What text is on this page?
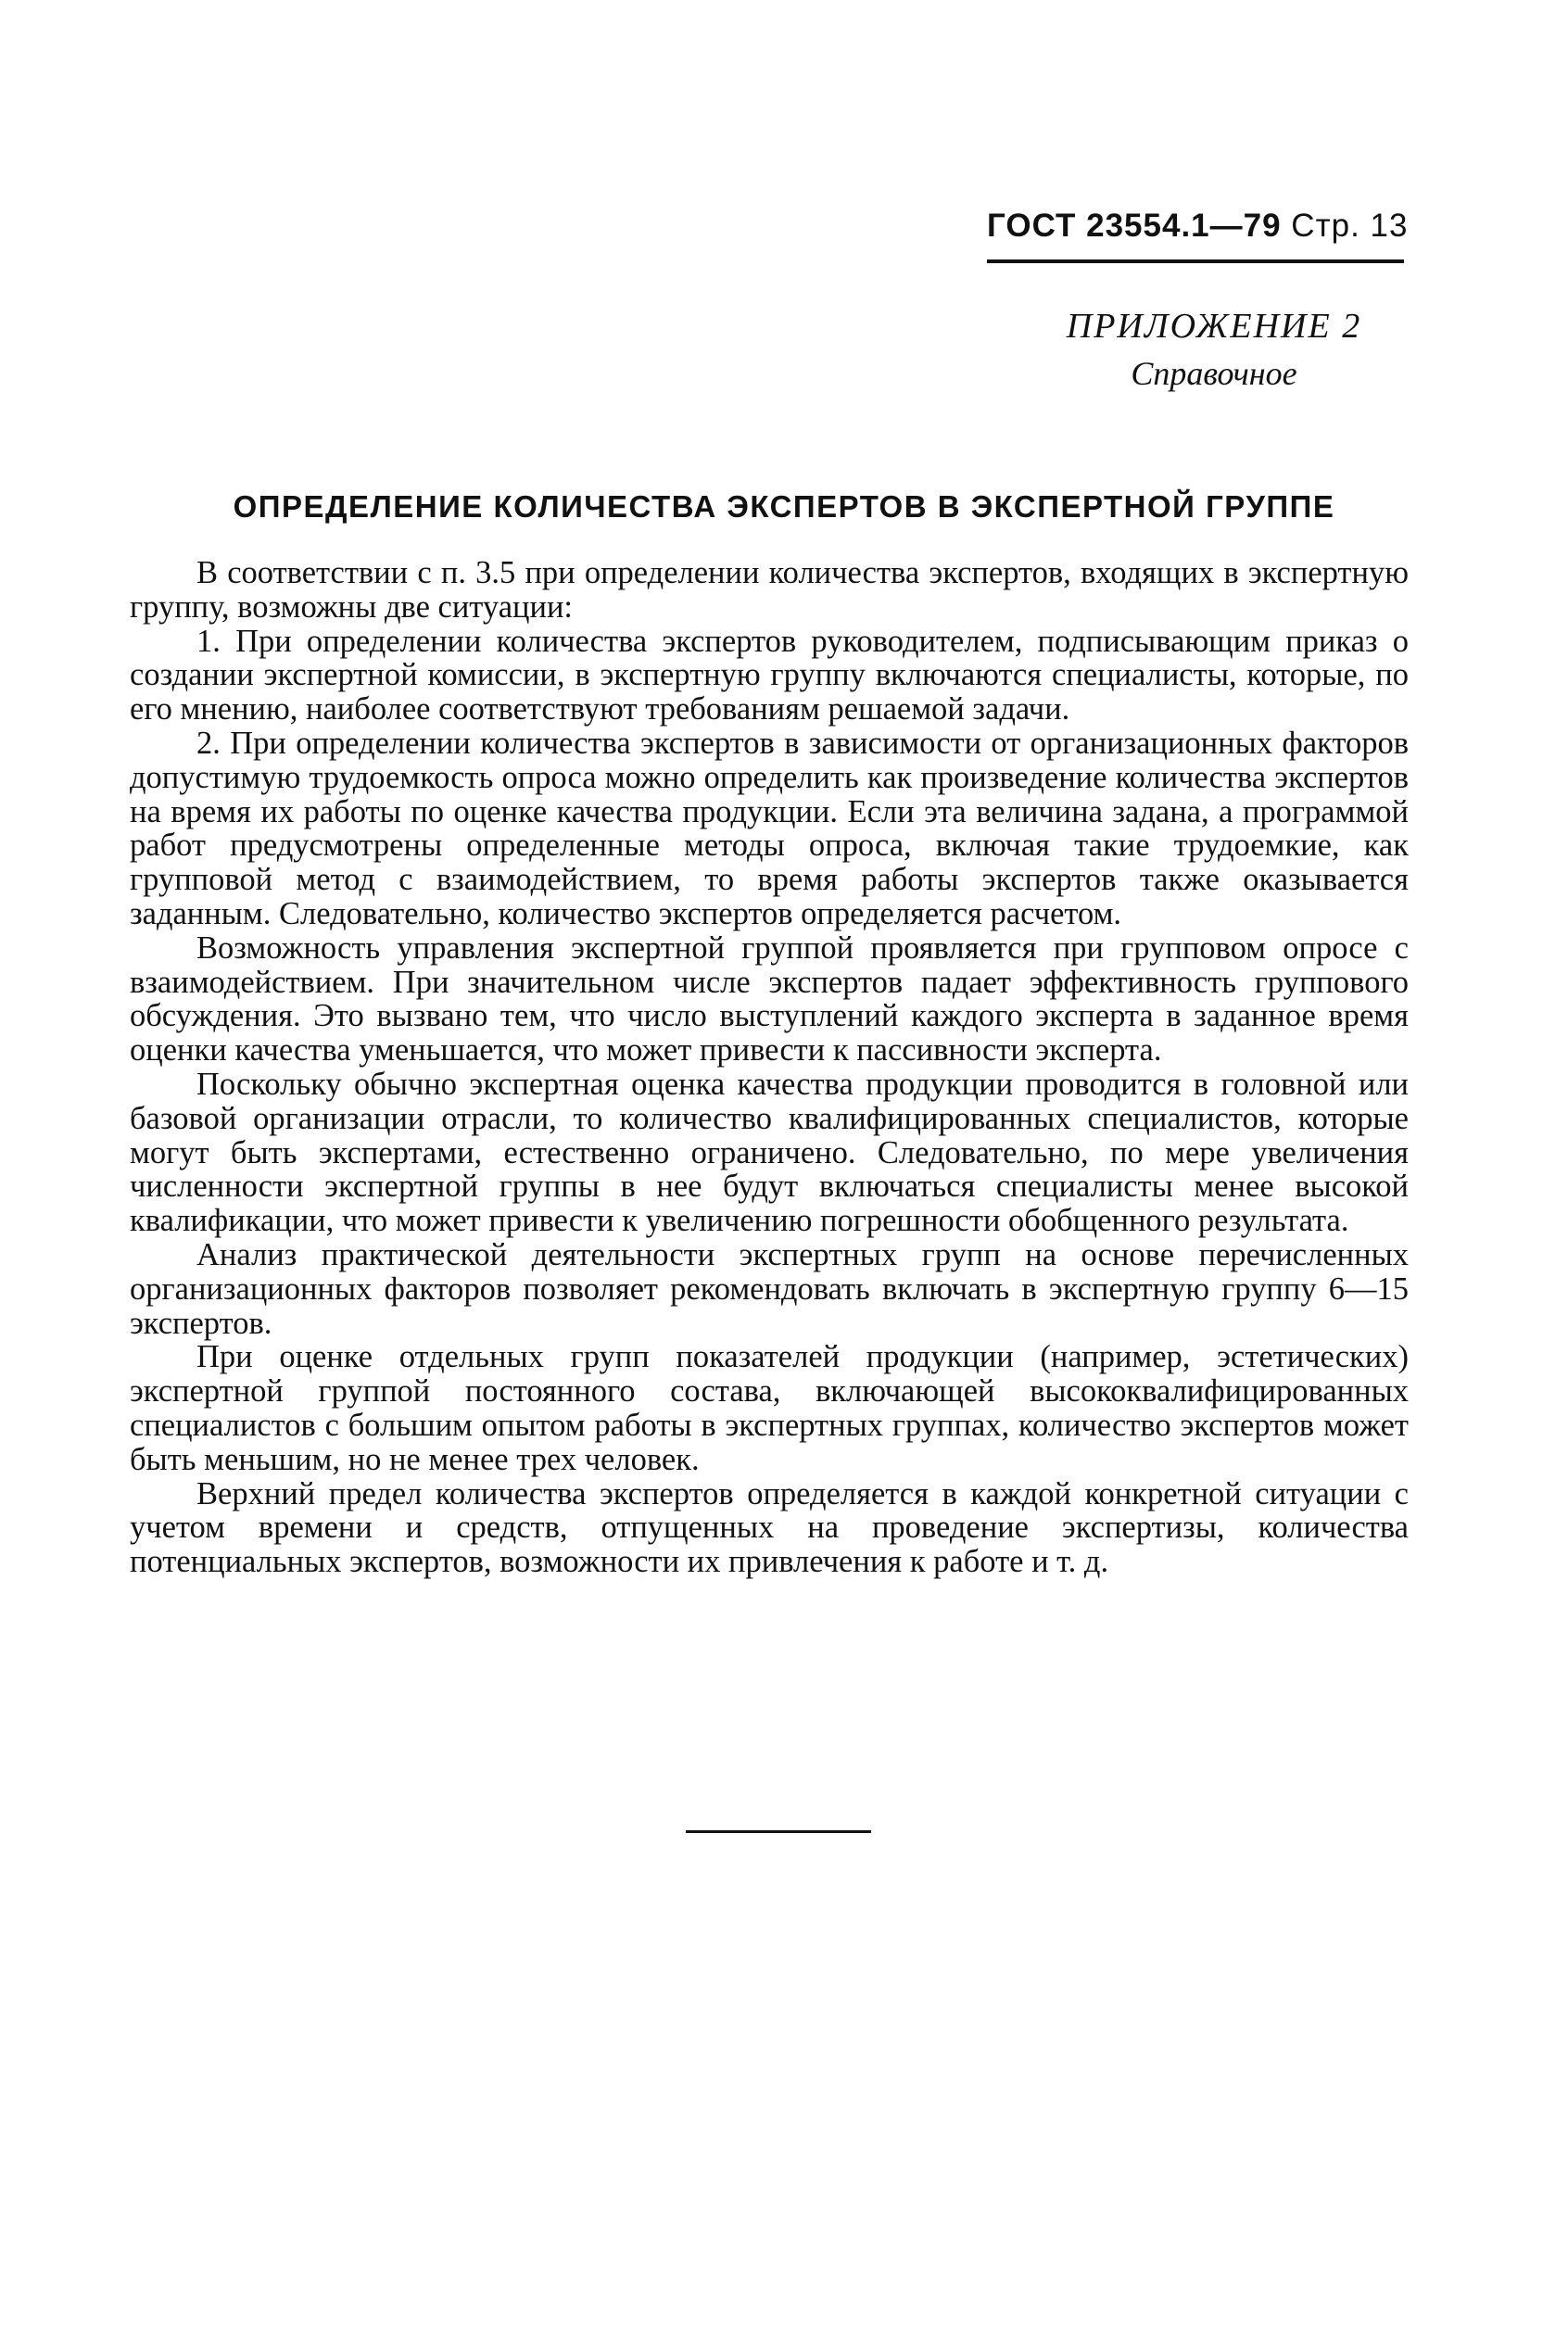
ГОСТ 23554.1—79 Стр. 13
ПРИЛОЖЕНИЕ 2
Справочное
ОПРЕДЕЛЕНИЕ КОЛИЧЕСТВА ЭКСПЕРТОВ В ЭКСПЕРТНОЙ ГРУППЕ

В соответствии с п. 3.5 при определении количества экспертов, входящих в экспертную группу, возможны две ситуации:

1. При определении количества экспертов руководителем, подписывающим приказ о создании экспертной комиссии, в экспертную группу включаются специалисты, которые, по его мнению, наиболее соответствуют требованиям решаемой задачи.

2. При определении количества экспертов в зависимости от организационных факторов допустимую трудоемкость опроса можно определить как произведение количества экспертов на время их работы по оценке качества продукции. Если эта величина задана, а программой работ предусмотрены определенные методы опроса, включая такие трудоемкие, как групповой метод с взаимодействием, то время работы экспертов также оказывается заданным. Следовательно, количество экспертов определяется расчетом.

Возможность управления экспертной группой проявляется при групповом опросе с взаимодействием. При значительном числе экспертов падает эффективность группового обсуждения. Это вызвано тем, что число выступлений каждого эксперта в заданное время оценки качества уменьшается, что может привести к пассивности эксперта.

Поскольку обычно экспертная оценка качества продукции проводится в головной или базовой организации отрасли, то количество квалифицированных специалистов, которые могут быть экспертами, естественно ограничено. Следовательно, по мере увеличения численности экспертной группы в нее будут включаться специалисты менее высокой квалификации, что может привести к увеличению погрешности обобщенного результата.

Анализ практической деятельности экспертных групп на основе перечисленных организационных факторов позволяет рекомендовать включать в экспертную группу 6—15 экспертов.

При оценке отдельных групп показателей продукции (например, эстетических) экспертной группой постоянного состава, включающей высококвалифицированных специалистов с большим опытом работы в экспертных группах, количество экспертов может быть меньшим, но не менее трех человек.

Верхний предел количества экспертов определяется в каждой конкретной ситуации с учетом времени и средств, отпущенных на проведение экспертизы, количества потенциальных экспертов, возможности их привлечения к работе и т. д.
